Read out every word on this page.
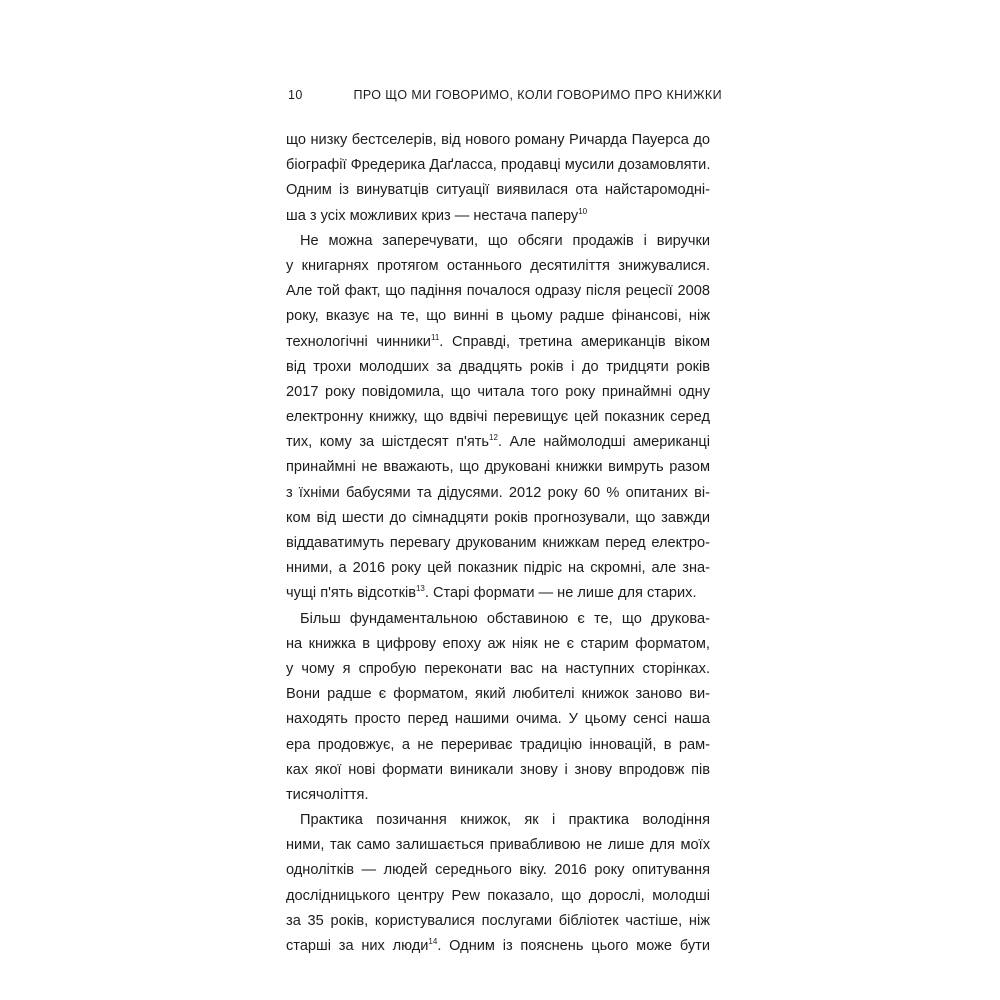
10	ПРО ЩО МИ ГОВОРИМО, КОЛИ ГОВОРИМО ПРО КНИЖКИ
що низку бестселерів, від нового роману Ричарда Пауерса до
біографії Фредерика Даґласса, продавці мусили дозамовляти.
Одним із винуватців ситуації виявилася ота найстаромодні-
ша з усіх можливих криз — нестача паперу$^{10}$
Не можна заперечувати, що обсяги продажів і виручки
у книгарнях протягом останнього десятиліття знижувалися.
Але той факт, що падіння почалося одразу після рецесії 2008
року, вказує на те, що винні в цьому радше фінансові, ніж
технологічні чинники$^{11}$. Справді, третина американців віком
від трохи молодших за двадцять років і до тридцяти років
2017 року повідомила, що читала того року принаймні одну
електронну книжку, що вдвічі перевищує цей показник серед
тих, кому за шістдесят п'ять$^{12}$. Але наймолодші американці
принаймні не вважають, що друковані книжки вимруть разом
з їхніми бабусями та дідусями. 2012 року 60 % опитаних ві-
ком від шести до сімнадцяти років прогнозували, що завжди
віддаватимуть перевагу друкованим книжкам перед електро-
нними, а 2016 року цей показник підріс на скромні, але зна-
чущі п'ять відсотків$^{13}$. Старі формати — не лише для старих.
Більш фундаментальною обставиною є те, що друкова-
на книжка в цифрову епоху аж ніяк не є старим форматом,
у чому я спробую переконати вас на наступних сторінках.
Вони радше є форматом, який любителі книжок заново ви-
находять просто перед нашими очима. У цьому сенсі наша
ера продовжує, а не перериває традицію інновацій, в рам-
ках якої нові формати виникали знову і знову впродовж пів
тисячоліття.
Практика позичання книжок, як і практика володіння
ними, так само залишається привабливою не лише для моїх
однолітків — людей середнього віку. 2016 року опитування
дослідницького центру Pew показало, що дорослі, молодші
за 35 років, користувалися послугами бібліотек частіше, ніж
старші за них люди$^{14}$. Одним із пояснень цього може бути
